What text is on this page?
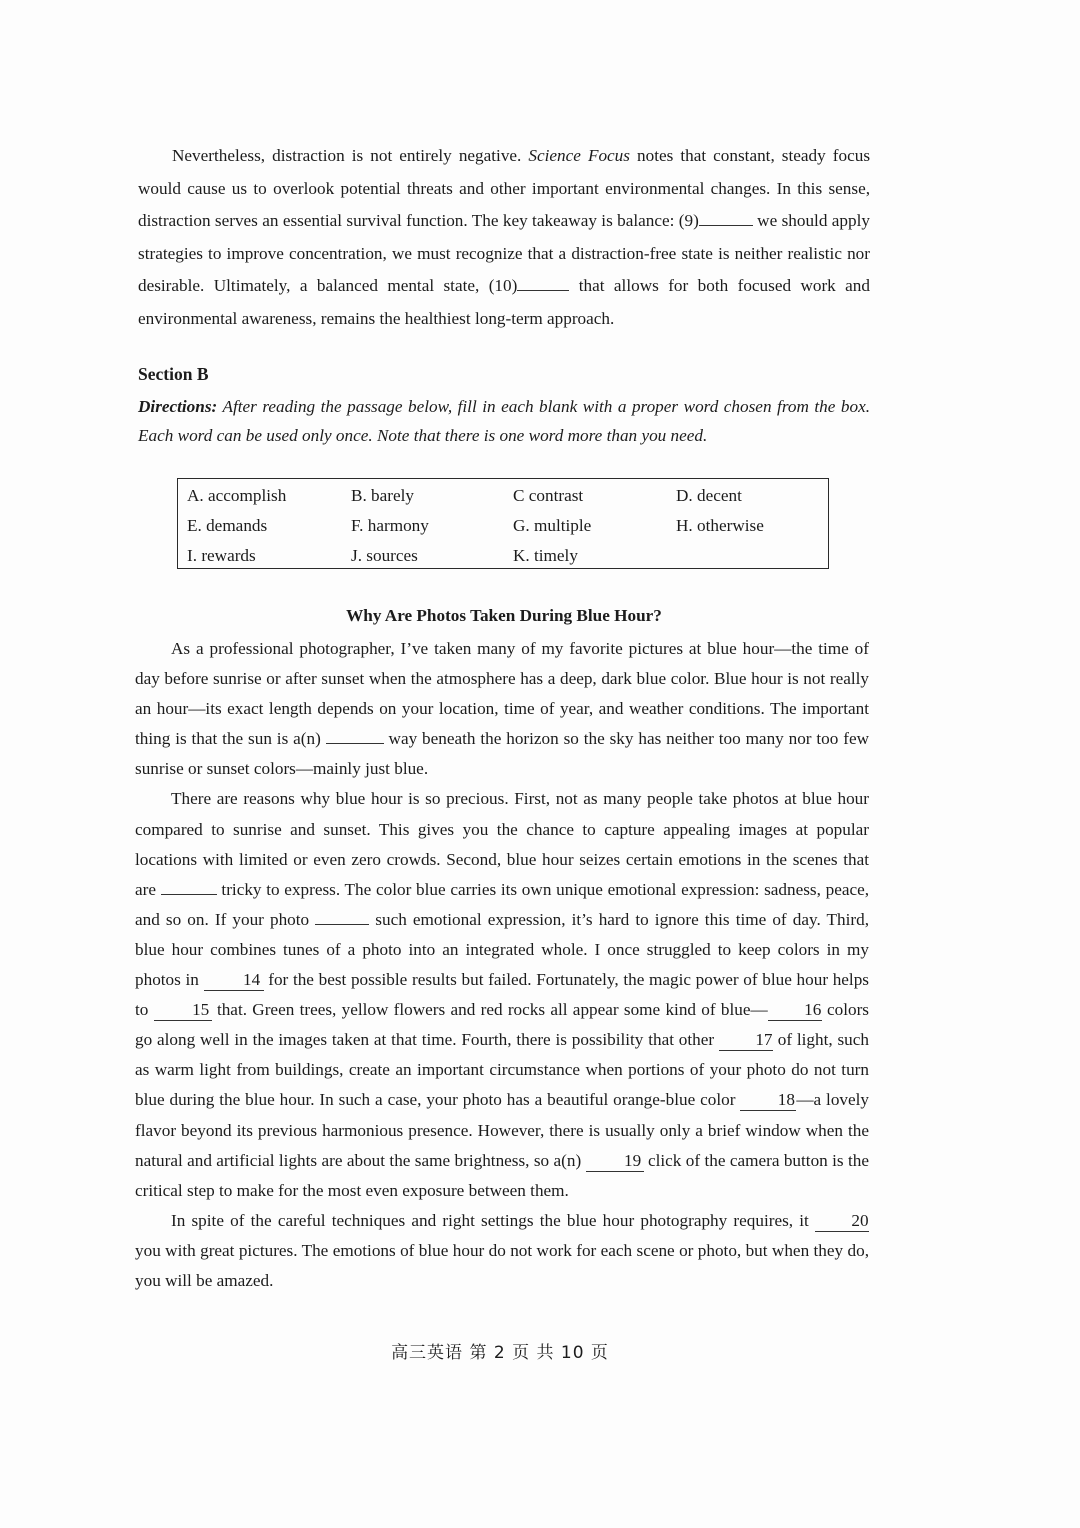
Nevertheless, distraction is not entirely negative. Science Focus notes that constant, steady focus would cause us to overlook potential threats and other important environmental changes. In this sense, distraction serves an essential survival function. The key takeaway is balance: (9)	we should apply strategies to improve concentration, we must recognize that a distraction-free state is neither realistic nor desirable. Ultimately, a balanced mental state, (10)	that allows for both focused work and environmental awareness, remains the healthiest long-term approach.

Section B
Directions: After reading the passage below, fill in each blank with a proper word chosen from the box. Each word can be used only once. Note that there is one word more than you need.
A. accomplish	B. barely	C contrast	D. decent
E. demands	F. harmony	G. multiple	H. otherwise
I. rewards	J. sources	K. timely
Why Are Photos Taken During Blue Hour?

As a professional photographer, I’ve taken many of my favorite pictures at blue hour—the time of day before sunrise or after sunset when the atmosphere has a deep, dark blue color. Blue hour is not really an hour—its exact length depends on your location, time of year, and weather conditions. The important thing is that the sun is a(n)	way beneath the horizon so the sky has neither too many nor too few sunrise or sunset colors—mainly just blue.

There are reasons why blue hour is so precious. First, not as many people take photos at blue hour compared to sunrise and sunset. This gives you the chance to capture appealing images at popular locations with limited or even zero crowds. Second, blue hour seizes certain emotions in the scenes that are	tricky to express. The color blue carries its own unique emotional expression: sadness, peace, and so on. If your photo	such emotional expression, it’s hard to ignore this time of day. Third, blue hour combines tunes of a photo into an integrated whole. I once struggled to keep colors in my photos in 14 for the best possible results but failed. Fortunately, the magic power of blue hour helps to 15 that. Green trees, yellow flowers and red rocks all appear some kind of blue— 16 colors go along well in the images taken at that time. Fourth, there is possibility that other 17 of light, such as warm light from buildings, create an important circumstance when portions of your photo do not turn blue during the blue hour. In such a case, your photo has a beautiful orange-blue color 18—a lovely flavor beyond its previous harmonious presence. However, there is usually only a brief window when the natural and artificial lights are about the same brightness, so a(n) 19 click of the camera button is the critical step to make for the most even exposure between them.

In spite of the careful techniques and right settings the blue hour photography requires, it 20 you with great pictures. The emotions of blue hour do not work for each scene or photo, but when they do, you will be amazed.

高三英语 第 2 页 共 10 页
